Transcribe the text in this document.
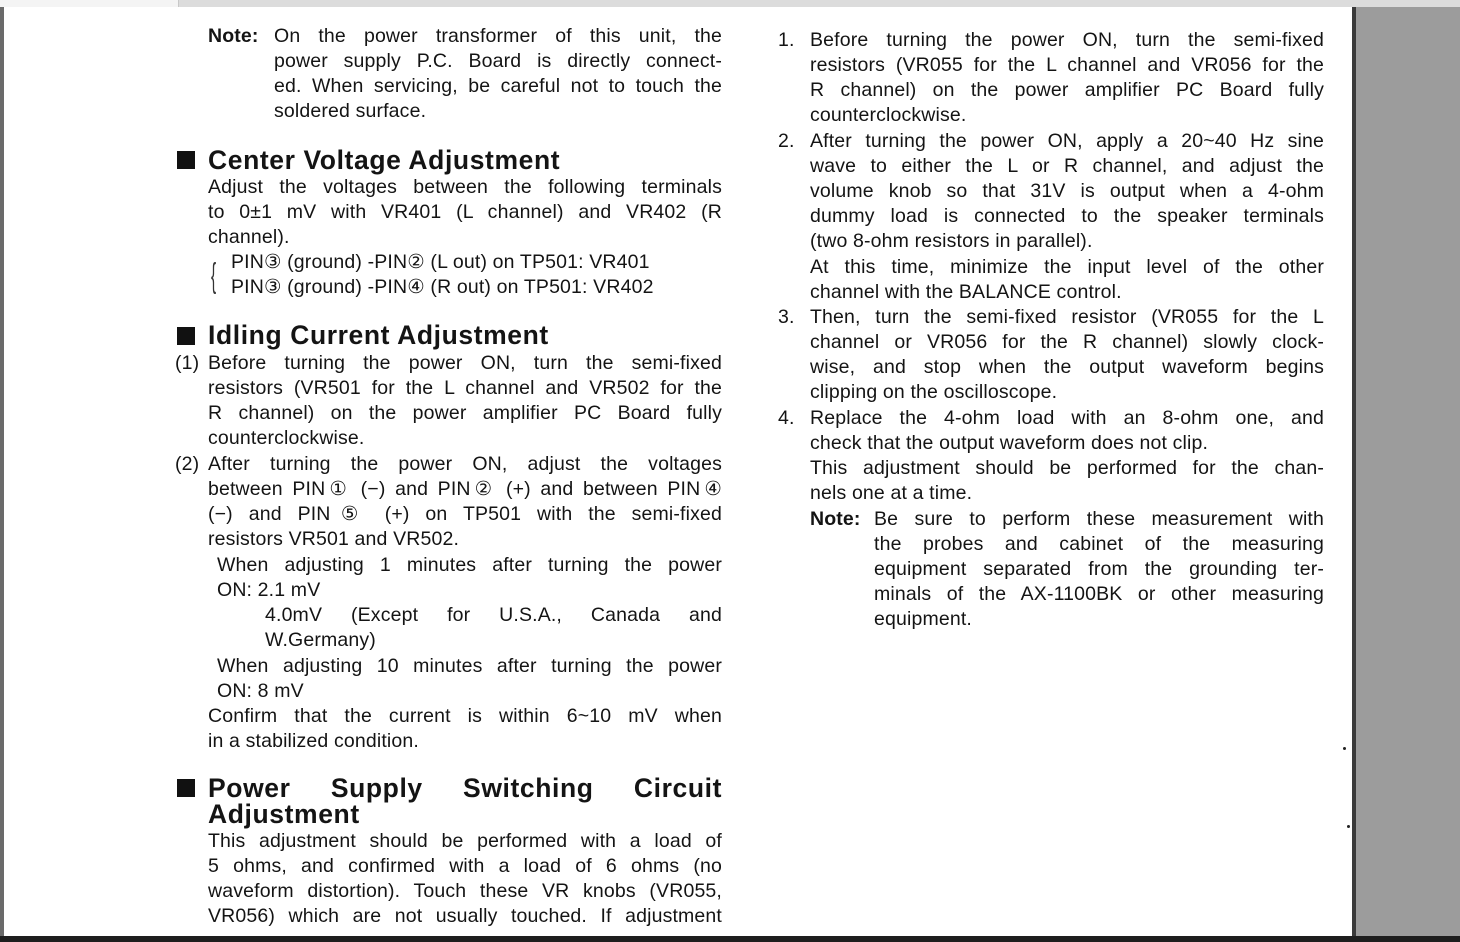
Note: On the power transformer of this unit, the
power supply P.C. Board is directly connect-
ed. When servicing, be careful not to touch the
soldered surface.
Center Voltage Adjustment
Adjust the voltages between the following terminals
to 0±1 mV with VR401 (L channel) and VR402 (R
channel).
{ PIN③ (ground) -PIN② (L out) on TP501: VR401
PIN③ (ground) -PIN④ (R out) on TP501: VR402
Idling Current Adjustment
(1) Before turning the power ON, turn the semi-fixed
resistors (VR501 for the L channel and VR502 for the
R channel) on the power amplifier PC Board fully
counterclockwise.
(2) After turning the power ON, adjust the voltages
between PIN① (−) and PIN② (+) and between PIN④
(−) and PIN⑤ (+) on TP501 with the semi-fixed
resistors VR501 and VR502.
When adjusting 1 minutes after turning the power
ON: 2.1 mV
4.0mV (Except for U.S.A., Canada and
W.Germany)
When adjusting 10 minutes after turning the power
ON: 8 mV
Confirm that the current is within 6~10 mV when
in a stabilized condition.
Power Supply Switching Circuit
Adjustment
This adjustment should be performed with a load of
5 ohms, and confirmed with a load of 6 ohms (no
waveform distortion). Touch these VR knobs (VR055,
VR056) which are not usually touched. If adjustment
1. Before turning the power ON, turn the semi-fixed
resistors (VR055 for the L channel and VR056 for the
R channel) on the power amplifier PC Board fully
counterclockwise.
2. After turning the power ON, apply a 20~40 Hz sine
wave to either the L or R channel, and adjust the
volume knob so that 31V is output when a 4-ohm
dummy load is connected to the speaker terminals
(two 8-ohm resistors in parallel).
At this time, minimize the input level of the other
channel with the BALANCE control.
3. Then, turn the semi-fixed resistor (VR055 for the L
channel or VR056 for the R channel) slowly clock-
wise, and stop when the output waveform begins
clipping on the oscilloscope.
4. Replace the 4-ohm load with an 8-ohm one, and
check that the output waveform does not clip.
This adjustment should be performed for the chan-
nels one at a time.
Note: Be sure to perform these measurement with
the probes and cabinet of the measuring
equipment separated from the grounding ter-
minals of the AX-1100BK or other measuring
equipment.
